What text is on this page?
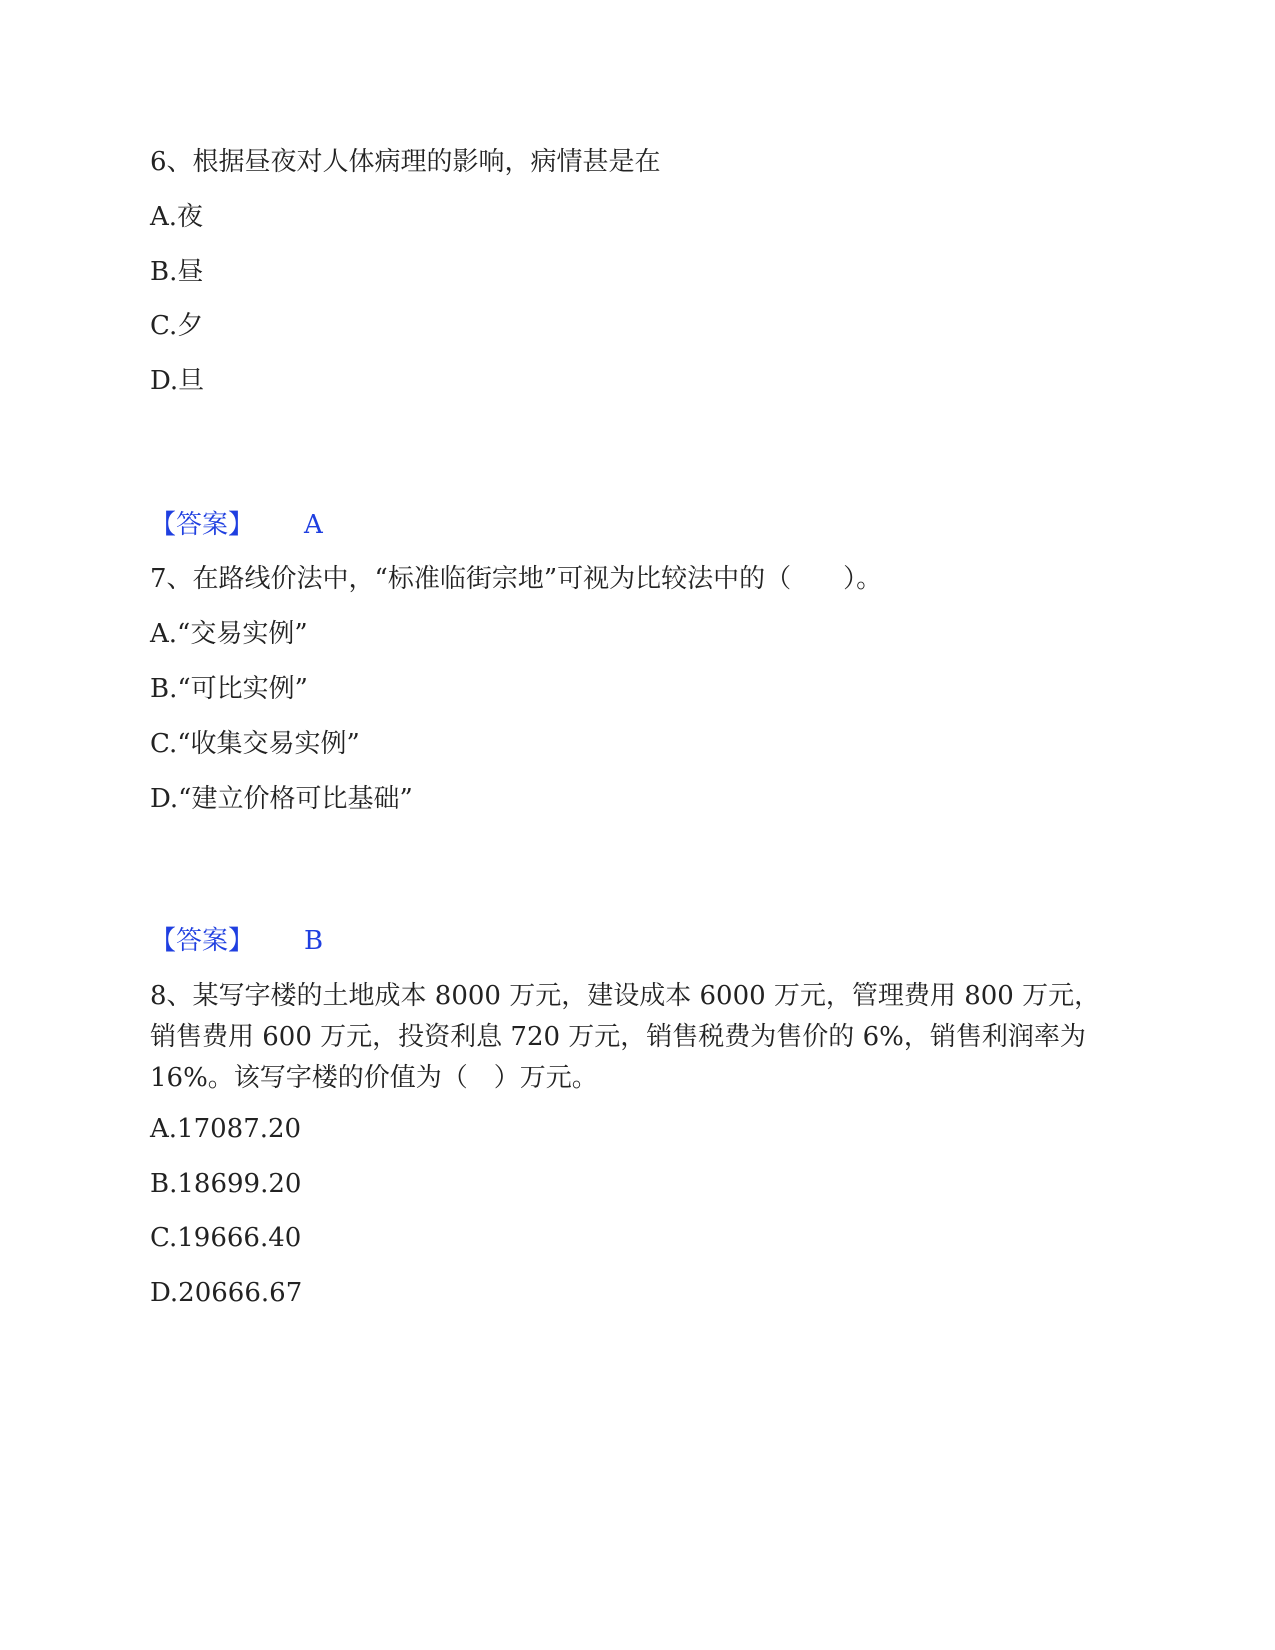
6、根据昼夜对人体病理的影响，病情甚是在
A.夜
B.昼
C.夕
D.旦
【答案】 A
7、在路线价法中，“标准临街宗地”可视为比较法中的（　　）。
A.“交易实例”
B.“可比实例”
C.“收集交易实例”
D.“建立价格可比基础”
【答案】 B
8、某写字楼的土地成本 8000 万元，建设成本 6000 万元，管理费用 800 万元，销售费用 600 万元，投资利息 720 万元，销售税费为售价的 6%，销售利润率为 16%。该写字楼的价值为（　）万元。
A.17087.20
B.18699.20
C.19666.40
D.20666.67
